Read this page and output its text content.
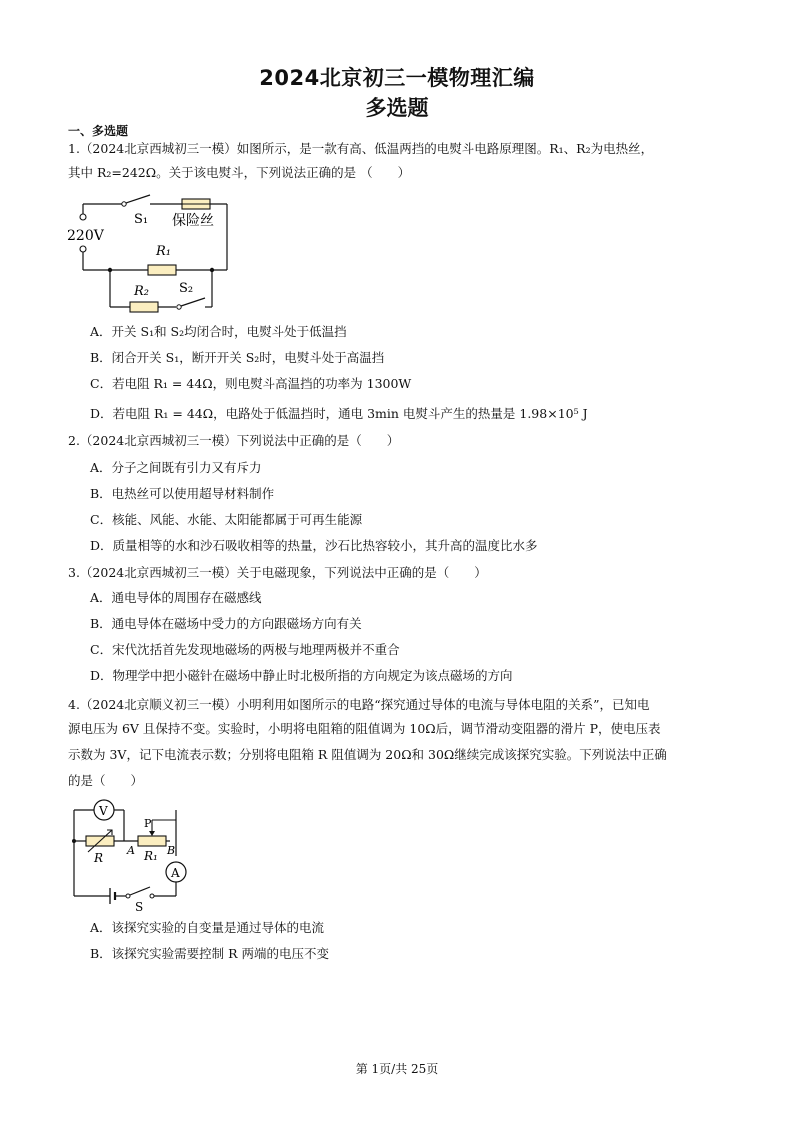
2024北京初三一模物理汇编
多选题
一、多选题
1.（2024北京西城初三一模）如图所示，是一款有高、低温两挡的电熨斗电路原理图。R₁、R₂为电热丝，
其中 R₂=242Ω。关于该电熨斗，下列说法正确的是 （　　）
S₁ 保险丝
220V
R₁
R₂ S₂
A．开关 S₁和 S₂均闭合时，电熨斗处于低温挡
B．闭合开关 S₁，断开开关 S₂时，电熨斗处于高温挡
C．若电阻 R₁ = 44Ω，则电熨斗高温挡的功率为 1300W
D．若电阻 R₁ = 44Ω，电路处于低温挡时，通电 3min 电熨斗产生的热量是 1.98×10⁵ J
2.（2024北京西城初三一模）下列说法中正确的是（　　）
A．分子之间既有引力又有斥力
B．电热丝可以使用超导材料制作
C．核能、风能、水能、太阳能都属于可再生能源
D．质量相等的水和沙石吸收相等的热量，沙石比热容较小，其升高的温度比水多
3.（2024北京西城初三一模）关于电磁现象，下列说法中正确的是（　　）
A．通电导体的周围存在磁感线
B．通电导体在磁场中受力的方向跟磁场方向有关
C．宋代沈括首先发现地磁场的两极与地理两极并不重合
D．物理学中把小磁针在磁场中静止时北极所指的方向规定为该点磁场的方向
4.（2024北京顺义初三一模）小明利用如图所示的电路“探究通过导体的电流与导体电阻的关系”，已知电
源电压为 6V 且保持不变。实验时，小明将电阻箱的阻值调为 10Ω后，调节滑动变阻器的滑片 P，使电压表
示数为 3V，记下电流表示数；分别将电阻箱 R 阻值调为 20Ω和 30Ω继续完成该探究实验。下列说法中正确
的是（　　）
V
R
A
P
R₁ B
A
S
A．该探究实验的自变量是通过导体的电流
B．该探究实验需要控制 R 两端的电压不变
第 1页/共 25页
